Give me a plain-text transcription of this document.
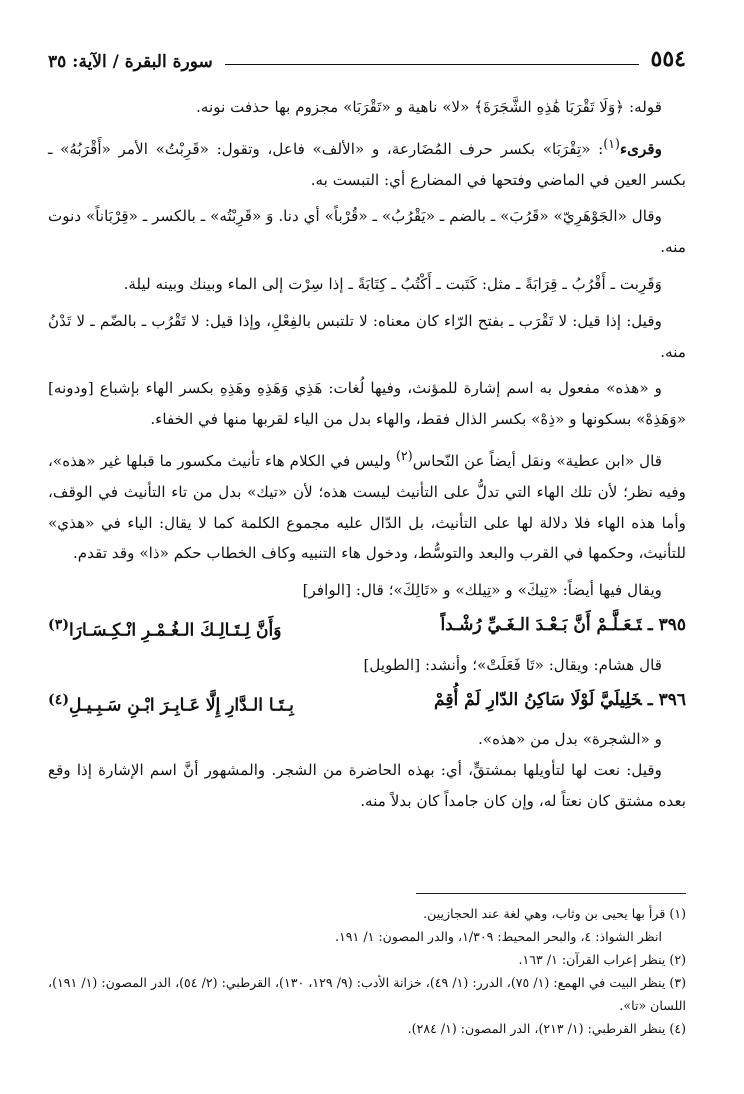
٥٥٤
سورة البقرة / الآية: ٣٥

قوله: ﴿وَلَا تَقْرَبَا هَٰذِهِ الشَّجَرَةَ﴾ «لا» ناهية و «تَقْرَبَا» مجزوم بها حذفت نونه.

وقرىء$^{(١)}$: «تِقْرَبَا» بكسر حرف المُضَارعة، و «الألف» فاعل، وتقول: «قَرِبْتُ» الأمر «أَقْرَبُهُ» ـ بكسر العين في الماضي وفتحها في المضارع أي: التبست به.

وقال «الجَوْهَرِيّ» «قَرُبَ» ـ بالضم ـ «يَقْرُبُ» ـ «قُرْباً» أي دنا. وَ «قَرِبْتُه» ـ بالكسر ـ «قِرْبَاناً» دنوت منه.

وَقَرِبت ـ أَقْرُبُ ـ قِرَابَةً ـ مثل: كَتَبت ـ أَكْتُبُ ـ كِتَابَةً ـ إذا سِرْت إلى الماء وبينك وبينه ليلة.

وقيل: إذا قيل: لا تَقْرَب ـ بفتح الرّاء كان معناه: لا تلتبس بالفِعْلِ، وإذا قيل: لا تَقْرُب ـ بالضّم ـ لا تَدْنُ منه.

و «هذه» مفعول به اسم إشارة للمؤنث، وفيها لُغات: هَذِي وَهَذِهِ وهَذِهِ بكسر الهاء بإشباع [ودونه] «وَهَذِهْ» بسكونها و «ذِهْ» بكسر الذال فقط، والهاء بدل من الياء لقربها منها في الخفاء.

قال «ابن عطية» ونقل أيضاً عن النّحاس$^{(٢)}$ وليس في الكلام هاء تأنيث مكسور ما قبلها غير «هذه»، وفيه نظر؛ لأن تلك الهاء التي تدلُّ على التأنيث ليست هذه؛ لأن «تيك» بدل من تاء التأنيث في الوقف، وأما هذه الهاء فلا دلالة لها على التأنيث، بل الدّال عليه مجموع الكلمة كما لا يقال: الياء في «هذي» للتأنيث، وحكمها في القرب والبعد والتوسُّط، ودخول هاء التنبيه وكاف الخطاب حكم «ذا» وقد تقدم.

ويقال فيها أيضاً: «تِيكَ» و «تِيلك» و «تَالِكَ»؛ قال: [الوافر]

٣٩٥ ـتَـعَـلَّـمْ أَنَّ بَـعْـدَ الـغَـيِّ رُشْـداً
وَأَنَّ لِـتَـالِـكَ الـغُـمْـرِ انْـكِـسَـارَا$^{(٣)}$

قال هشام: ويقال: «تَا فَعَلَتْ»؛ وأنشد: [الطويل]

٣٩٦ ـخَلِيلَيَّ لَوْلَا سَاكِنُ الدّارِ لَمْ أُقِمْ
بِـتَـا الـدَّارِ إِلَّا عَـابِـرَ ابْـنِ سَـبِـيـلِ$^{(٤)}$

و «الشجرة» بدل من «هذه».

وقيل: نعت لها لتأويلها بمشتقٍّ، أي: بهذه الحاضرة من الشجر. والمشهور أنَّ اسم الإشارة إذا وقع بعده مشتق كان نعتاً له، وإن كان جامداً كان بدلاً منه.

(١) قرأ بها يحيى بن وثاب، وهي لغة عند الحجازيين.
انظر الشواذ: ٤، والبحر المحيط: ١/٣٠٩، والدر المصون: ١/ ١٩١.
(٢) ينظر إعراب القرآن: ١/ ١٦٣.
(٣) ينظر البيت في الهمع: (١/ ٧٥)، الدرر: (١/ ٤٩)، خزانة الأدب: (٩/ ١٢٩، ١٣٠)، القرطبي: (٢/ ٥٤)، الدر المصون: (١/ ١٩١)، اللسان «تا».
(٤) ينظر القرطبي: (١/ ٢١٣)، الدر المصون: (١/ ٢٨٤).
